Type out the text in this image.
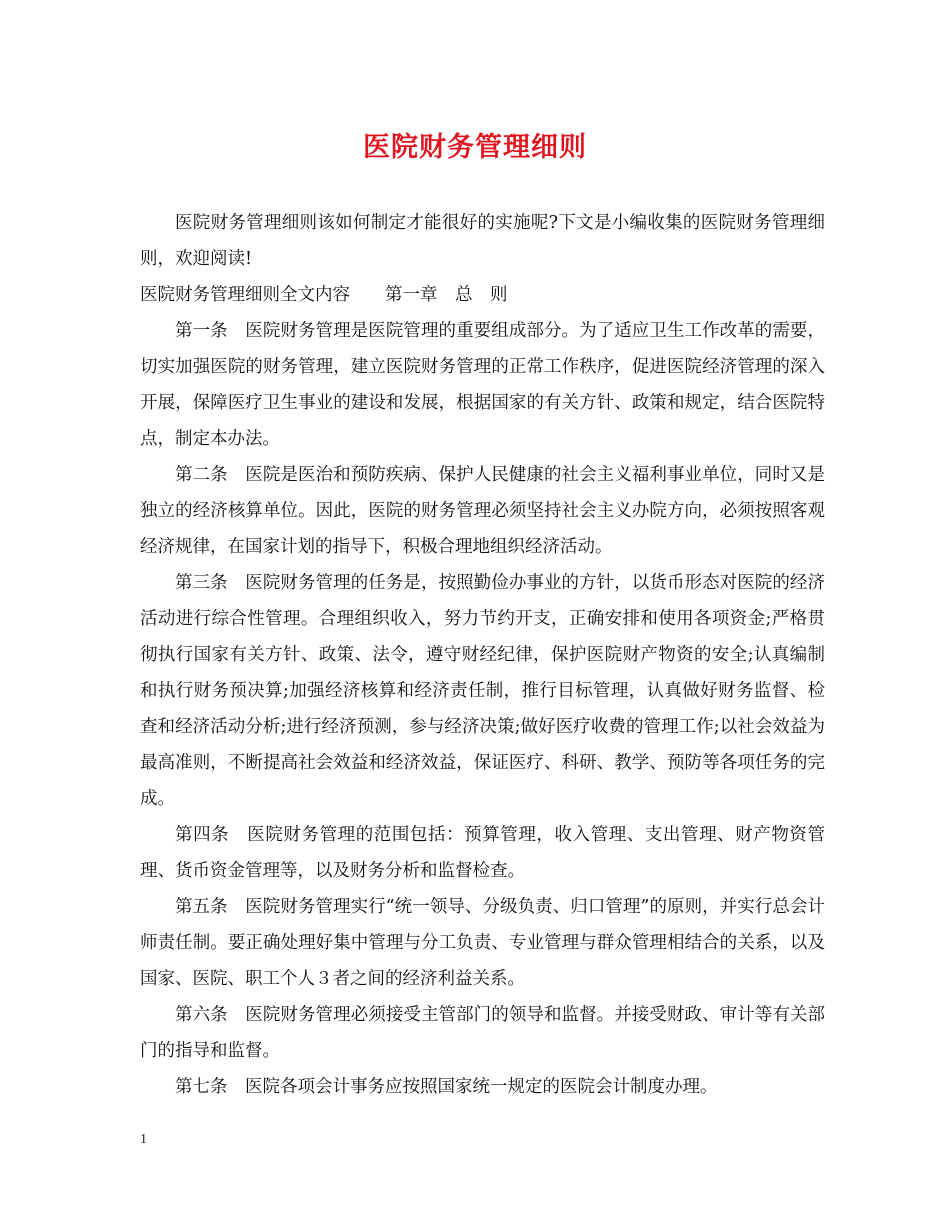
医院财务管理细则

医院财务管理细则该如何制定才能很好的实施呢?下文是小编收集的医院财务管理细则，欢迎阅读!

医院财务管理细则全文内容　　第一章　总　则

第一条　医院财务管理是医院管理的重要组成部分。为了适应卫生工作改革的需要，切实加强医院的财务管理，建立医院财务管理的正常工作秩序，促进医院经济管理的深入开展，保障医疗卫生事业的建设和发展，根据国家的有关方针、政策和规定，结合医院特点，制定本办法。

第二条　医院是医治和预防疾病、保护人民健康的社会主义福利事业单位，同时又是独立的经济核算单位。因此，医院的财务管理必须坚持社会主义办院方向，必须按照客观经济规律，在国家计划的指导下，积极合理地组织经济活动。

第三条　医院财务管理的任务是，按照勤俭办事业的方针，以货币形态对医院的经济活动进行综合性管理。合理组织收入，努力节约开支，正确安排和使用各项资金;严格贯彻执行国家有关方针、政策、法令，遵守财经纪律，保护医院财产物资的安全;认真编制和执行财务预决算;加强经济核算和经济责任制，推行目标管理，认真做好财务监督、检查和经济活动分析;进行经济预测，参与经济决策;做好医疗收费的管理工作;以社会效益为最高准则，不断提高社会效益和经济效益，保证医疗、科研、教学、预防等各项任务的完成。

第四条　医院财务管理的范围包括：预算管理，收入管理、支出管理、财产物资管理、货币资金管理等，以及财务分析和监督检查。

第五条　医院财务管理实行“统一领导、分级负责、归口管理”的原则，并实行总会计师责任制。要正确处理好集中管理与分工负责、专业管理与群众管理相结合的关系，以及国家、医院、职工个人３者之间的经济利益关系。

第六条　医院财务管理必须接受主管部门的领导和监督。并接受财政、审计等有关部门的指导和监督。

第七条　医院各项会计事务应按照国家统一规定的医院会计制度办理。

1
